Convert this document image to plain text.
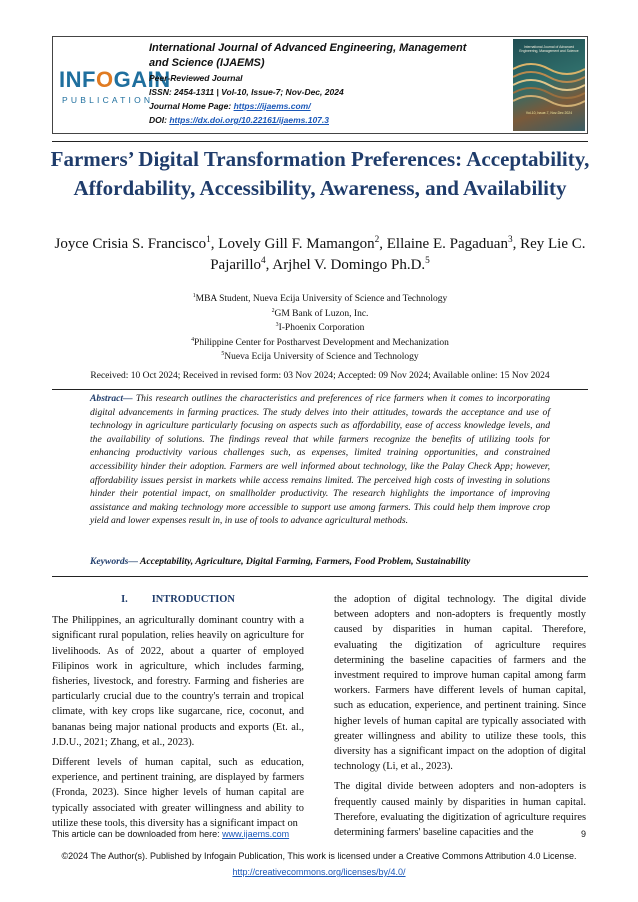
INFOGAIN
PUBLICATION
International Journal of Advanced Engineering, Management and Science (IJAEMS)
Peer-Reviewed Journal
ISSN: 2454-1311 | Vol-10, Issue-7; Nov-Dec, 2024
Journal Home Page: https://ijaems.com/
DOI: https://dx.doi.org/10.22161/ijaems.107.3
International Journal of Advanced Engineering, Management and Science
Vol-10, Issue-7, Nov-Dec 2024
Farmers’ Digital Transformation Preferences: Acceptability, Affordability, Accessibility, Awareness, and Availability
Joyce Crisia S. Francisco$^1$, Lovely Gill F. Mamangon$^2$, Ellaine E. Pagaduan$^3$, Rey Lie C. Pajarillo$^4$, Arjhel V. Domingo Ph.D.$^5$
$^1$MBA Student, Nueva Ecija University of Science and Technology
$^2$GM Bank of Luzon, Inc.
$^3$I-Phoenix Corporation
$^4$Philippine Center for Postharvest Development and Mechanization
$^5$Nueva Ecija University of Science and Technology
Received: 10 Oct 2024; Received in revised form: 03 Nov 2024; Accepted: 09 Nov 2024; Available online: 15 Nov 2024
Abstract— This research outlines the characteristics and preferences of rice farmers when it comes to incorporating digital advancements in farming practices. The study delves into their attitudes, towards the acceptance and use of technology in agriculture particularly focusing on aspects such as affordability, ease of access knowledge levels, and the availability of solutions. The findings reveal that while farmers recognize the benefits of utilizing tools for enhancing productivity various challenges such, as expenses, limited training opportunities, and constrained accessibility hinder their adoption. Farmers are well informed about technology, like the Palay Check App; however, affordability issues persist in markets while access remains limited. The perceived high costs of investing in solutions hinder their potential impact, on smallholder productivity. The research highlights the importance of improving assistance and making technology more accessible to support use among farmers. This could help them improve crop yield and lower expenses result in, in use of tools to advance agricultural methods.
Keywords— Acceptability, Agriculture, Digital Farming, Farmers, Food Problem, Sustainability
I. INTRODUCTION

The Philippines, an agriculturally dominant country with a significant rural population, relies heavily on agriculture for livelihoods. As of 2022, about a quarter of employed Filipinos work in agriculture, which includes farming, fisheries, livestock, and forestry. Farming and fisheries are particularly crucial due to the country's terrain and tropical climate, with key crops like sugarcane, rice, coconut, and bananas being major national products and exports (Et. al., J.D.U., 2021; Zhang, et al., 2023).

Different levels of human capital, such as education, experience, and pertinent training, are displayed by farmers (Fronda, 2023). Since higher levels of human capital are typically associated with greater willingness and ability to utilize these tools, this diversity has a significant impact on

the adoption of digital technology. The digital divide between adopters and non-adopters is frequently mostly caused by disparities in human capital. Therefore, evaluating the digitization of agriculture requires determining the baseline capacities of farmers and the investment required to improve human capital among farm workers. Farmers have different levels of human capital, such as education, experience, and pertinent training. Since higher levels of human capital are typically associated with greater willingness and ability to utilize these tools, this diversity has a significant impact on the adoption of digital technology (Li, et al., 2023).

The digital divide between adopters and non-adopters is frequently caused mainly by disparities in human capital. Therefore, evaluating the digitization of agriculture requires determining farmers' baseline capacities and the

This article can be downloaded from here: www.ijaems.com	9
©2024 The Author(s). Published by Infogain Publication, This work is licensed under a Creative Commons Attribution 4.0 License.
http://creativecommons.org/licenses/by/4.0/
